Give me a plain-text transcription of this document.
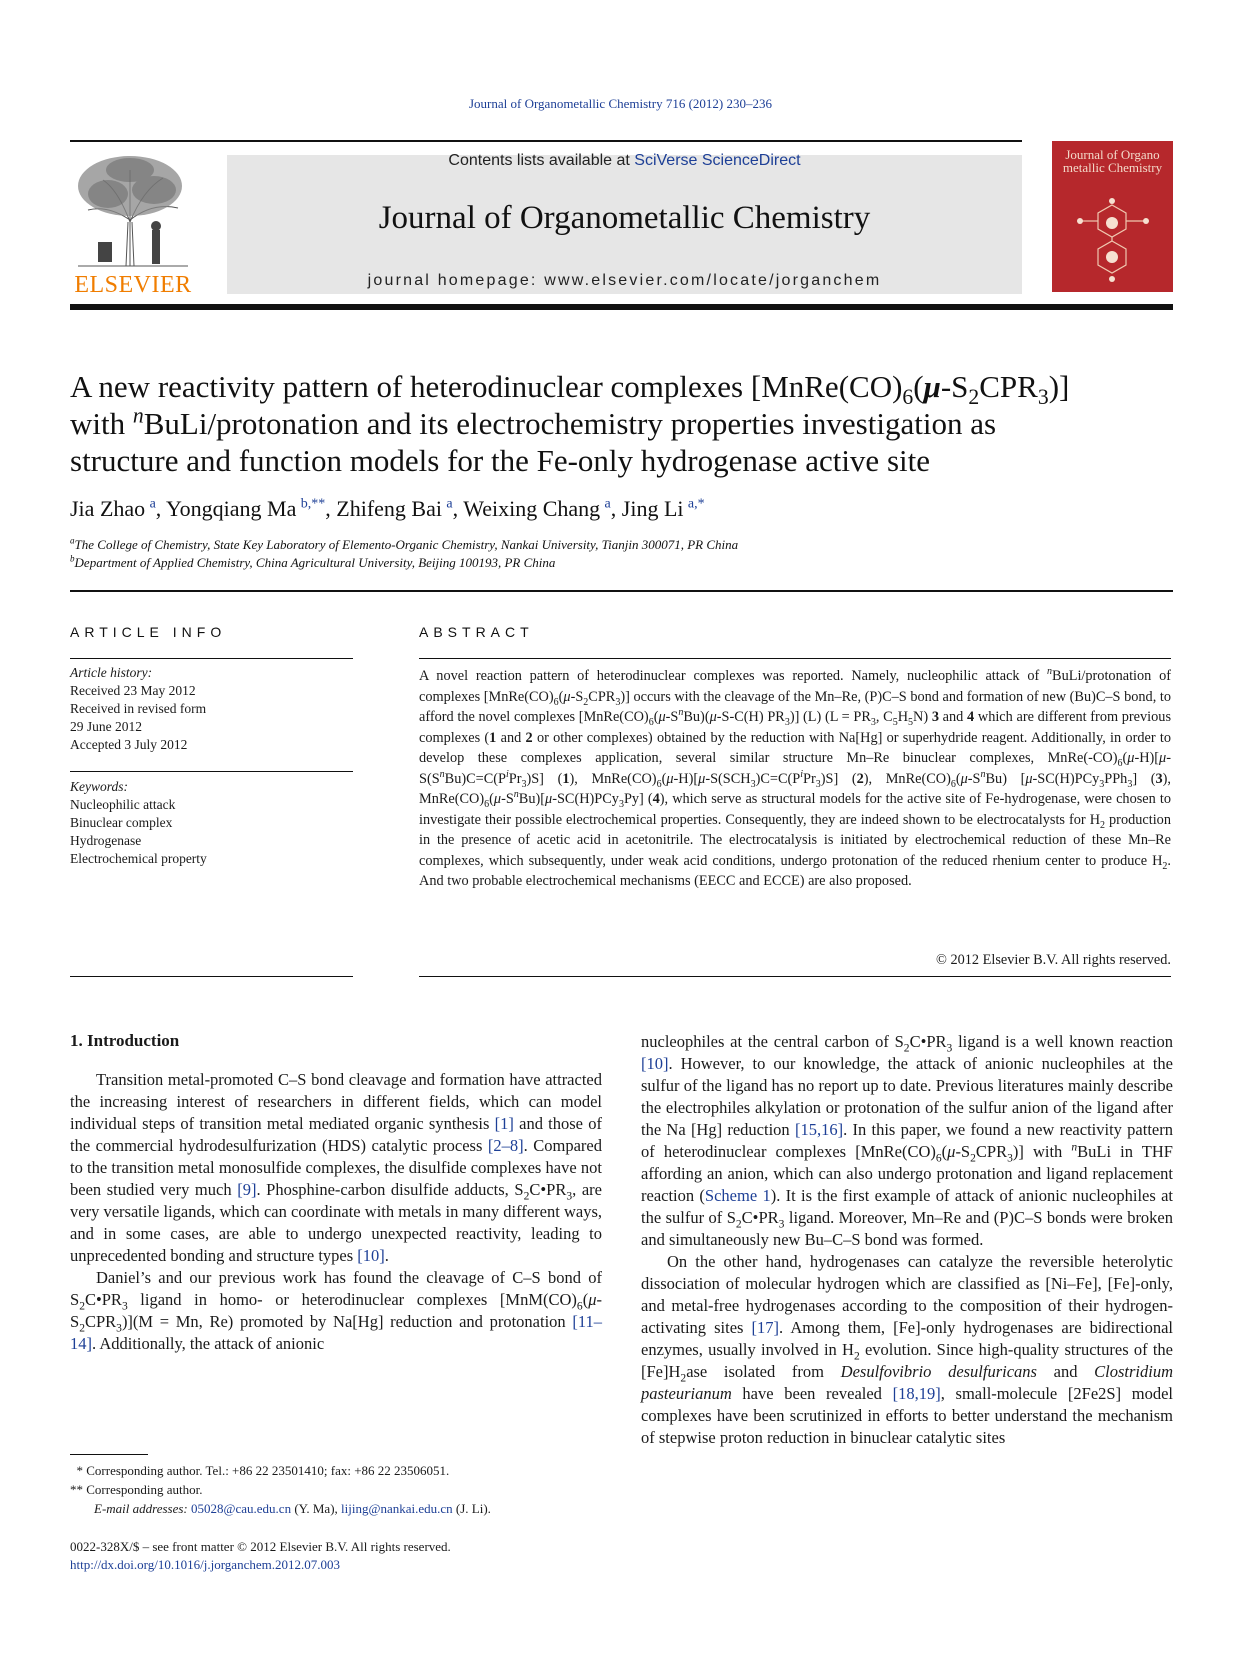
Journal of Organometallic Chemistry 716 (2012) 230–236
ELSEVIER
Contents lists available at SciVerse ScienceDirect
Journal of Organometallic Chemistry
journal homepage: www.elsevier.com/locate/jorganchem
Journal of Organo metallic Chemistry
A new reactivity pattern of heterodinuclear complexes $[MnRe(CO)_6(\mu-S_2CPR_3)]$
with $^n$BuLi/protonation and its electrochemistry properties investigation as
structure and function models for the Fe-only hydrogenase active site
Jia Zhao  $^a$, Yongqiang Ma  $^{b,**}$, Zhifeng Bai  $^a$, Weixing Chang  $^a$, Jing Li  $^{a,*}$
$^a$The College of Chemistry, State Key Laboratory of Elemento-Organic Chemistry, Nankai University, Tianjin 300071, PR China
$^b$Department of Applied Chemistry, China Agricultural University, Beijing 100193, PR China
ARTICLE INFO
Article history:
Received 23 May 2012
Received in revised form
29 June 2012
Accepted 3 July 2012
Keywords:
Nucleophilic attack
Binuclear complex
Hydrogenase
Electrochemical property
ABSTRACT
A novel reaction pattern of heterodinuclear complexes was reported. Namely, nucleophilic attack of $^n$BuLi/protonation of complexes $[MnRe(CO)_6(\mu-S_2CPR_3)]$ occurs with the cleavage of the Mn–Re, (P)C–S bond and formation of new (Bu)C–S bond, to afford the novel complexes [$MnRe(CO)_6(\mu-S^nBu)(\mu-S-C(H)$ $PR_3$)] (L) ($L = PR_3$, $C_5H_5N$) 3 and 4 which are different from previous complexes (1 and 2 or other complexes) obtained by the reduction with Na[Hg] or superhydride reagent. Additionally, in order to develop these complexes application, several similar structure Mn–Re binuclear complexes, $MnRe(-CO)_6(\mu-H)[\mu-S(S^nBu)C=C(P^iPr_3)S]$ (1), $MnRe(CO)_6(\mu-H)[\mu-S(SCH_3)C=C(P^iPr_3)S]$ (2), $MnRe(CO)_6(\mu-S^nBu)$ [μ-SC(H)PCy$_3$PPh$_3$] (3), $MnRe(CO)_6(\mu-S^nBu)[\mu-SC(H)PCy_3Py]$ (4), which serve as structural models for the active site of Fe-hydrogenase, were chosen to investigate their possible electrochemical properties. Consequently, they are indeed shown to be electrocatalysts for $H_2$ production in the presence of acetic acid in acetonitrile. The electrocatalysis is initiated by electrochemical reduction of these Mn–Re complexes, which subsequently, under weak acid conditions, undergo protonation of the reduced rhenium center to produce $H_2$. And two probable electrochemical mechanisms (EECC and ECCE) are also proposed.
© 2012 Elsevier B.V. All rights reserved.
1. Introduction

Transition metal-promoted C–S bond cleavage and formation have attracted the increasing interest of researchers in different fields, which can model individual steps of transition metal mediated organic synthesis [1] and those of the commercial hydrodesulfurization (HDS) catalytic process [2–8]. Compared to the transition metal monosulfide complexes, the disulfide complexes have not been studied very much [9]. Phosphine-carbon disulfide adducts, $S_2C•PR_3$, are very versatile ligands, which can coordinate with metals in many different ways, and in some cases, are able to undergo unexpected reactivity, leading to unprecedented bonding and structure types [10].

Daniel’s and our previous work has found the cleavage of C–S bond of $S_2C•PR_3$ ligand in homo- or heterodinuclear complexes $[MnM(CO)_6(\mu-S_2CPR_3)](M = Mn$, Re) promoted by Na[Hg] reduction and protonation [11–14]. Additionally, the attack of anionic

nucleophiles at the central carbon of $S_2C•PR_3$ ligand is a well known reaction [10]. However, to our knowledge, the attack of anionic nucleophiles at the sulfur of the ligand has no report up to date. Previous literatures mainly describe the electrophiles alkylation or protonation of the sulfur anion of the ligand after the Na [Hg] reduction [15,16]. In this paper, we found a new reactivity pattern of heterodinuclear complexes $[MnRe(CO)_6(\mu-S_2CPR_3)]$ with $^n$BuLi in THF affording an anion, which can also undergo protonation and ligand replacement reaction (Scheme 1). It is the first example of attack of anionic nucleophiles at the sulfur of $S_2C•PR_3$ ligand. Moreover, Mn–Re and (P)C–S bonds were broken and simultaneously new Bu–C–S bond was formed.

On the other hand, hydrogenases can catalyze the reversible heterolytic dissociation of molecular hydrogen which are classified as [Ni–Fe], [Fe]-only, and metal-free hydrogenases according to the composition of their hydrogen-activating sites [17]. Among them, [Fe]-only hydrogenases are bidirectional enzymes, usually involved in $H_2$ evolution. Since high-quality structures of the $[Fe]H_2ase$ isolated from Desulfovibrio desulfuricans and Clostridium pasteurianum have been revealed [18,19], small-molecule [2Fe2S] model complexes have been scrutinized in efforts to better understand the mechanism of stepwise proton reduction in binuclear catalytic sites

* Corresponding author. Tel.: +86 22 23501410; fax: +86 22 23506051.
** Corresponding author.
E-mail addresses: 05028@cau.edu.cn (Y. Ma), lijing@nankai.edu.cn (J. Li).
0022-328X/$ – see front matter © 2012 Elsevier B.V. All rights reserved.
http://dx.doi.org/10.1016/j.jorganchem.2012.07.003
